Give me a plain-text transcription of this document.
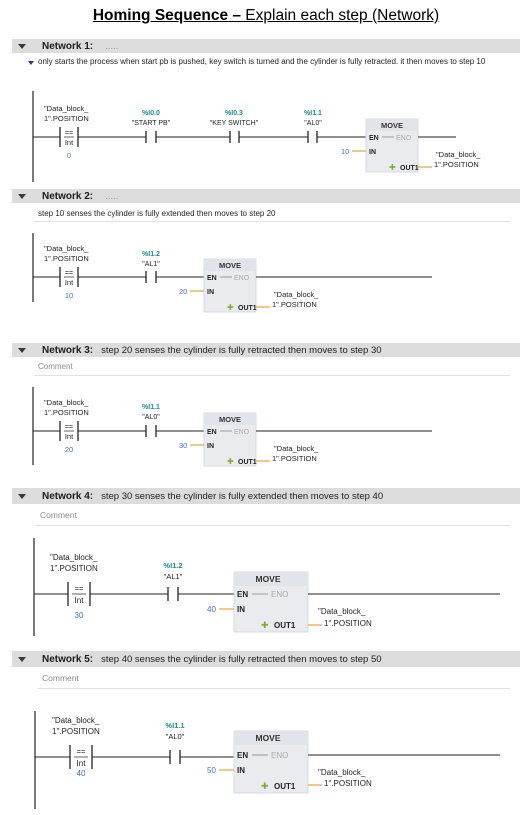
Homing Sequence – Explain each step (Network)
Network 1: .....
only starts the process when start pb is pushed, key switch is turned and the cylinder is fully retracted. it then moves to step 10
"Data_block_
1".POSITION
==
Int
0
%I0.0
"START PB"
%I0.3
"KEY SWITCH"
%I1.1
"AL0"	MOVE
EN ENO
10	IN
✚ OUT1
"Data_block_
1".POSITION
Network 2: .....
step 10 senses the cylinder is fully extended then moves to step 20
"Data_block_
1".POSITION
==
Int
10
%I1.2
"AL1"	MOVE
EN ENO
20	IN
✚ OUT1
"Data_block_
1".POSITION
Network 3: step 20 senses the cylinder is fully retracted then moves to step 30
Comment
"Data_block_
1".POSITION
==
Int
20
%I1.1
"AL0"	MOVE
EN ENO
30	IN
✚ OUT1
"Data_block_
1".POSITION
Network 4: step 30 senses the cylinder is fully extended then moves to step 40
Comment
"Data_block_
1".POSITION
==
Int
30
%I1.2
"AL1"	MOVE
EN	ENO
40	IN
✚ OUT1
"Data_block_
1".POSITION
Network 5: step 40 senses the cylinder is fully retracted then moves to step 50
Comment
"Data_block_
1".POSITION
==
Int
40
%I1.1
"AL0"	MOVE
EN	ENO
50	IN
✚ OUT1
"Data_block_
1".POSITION
